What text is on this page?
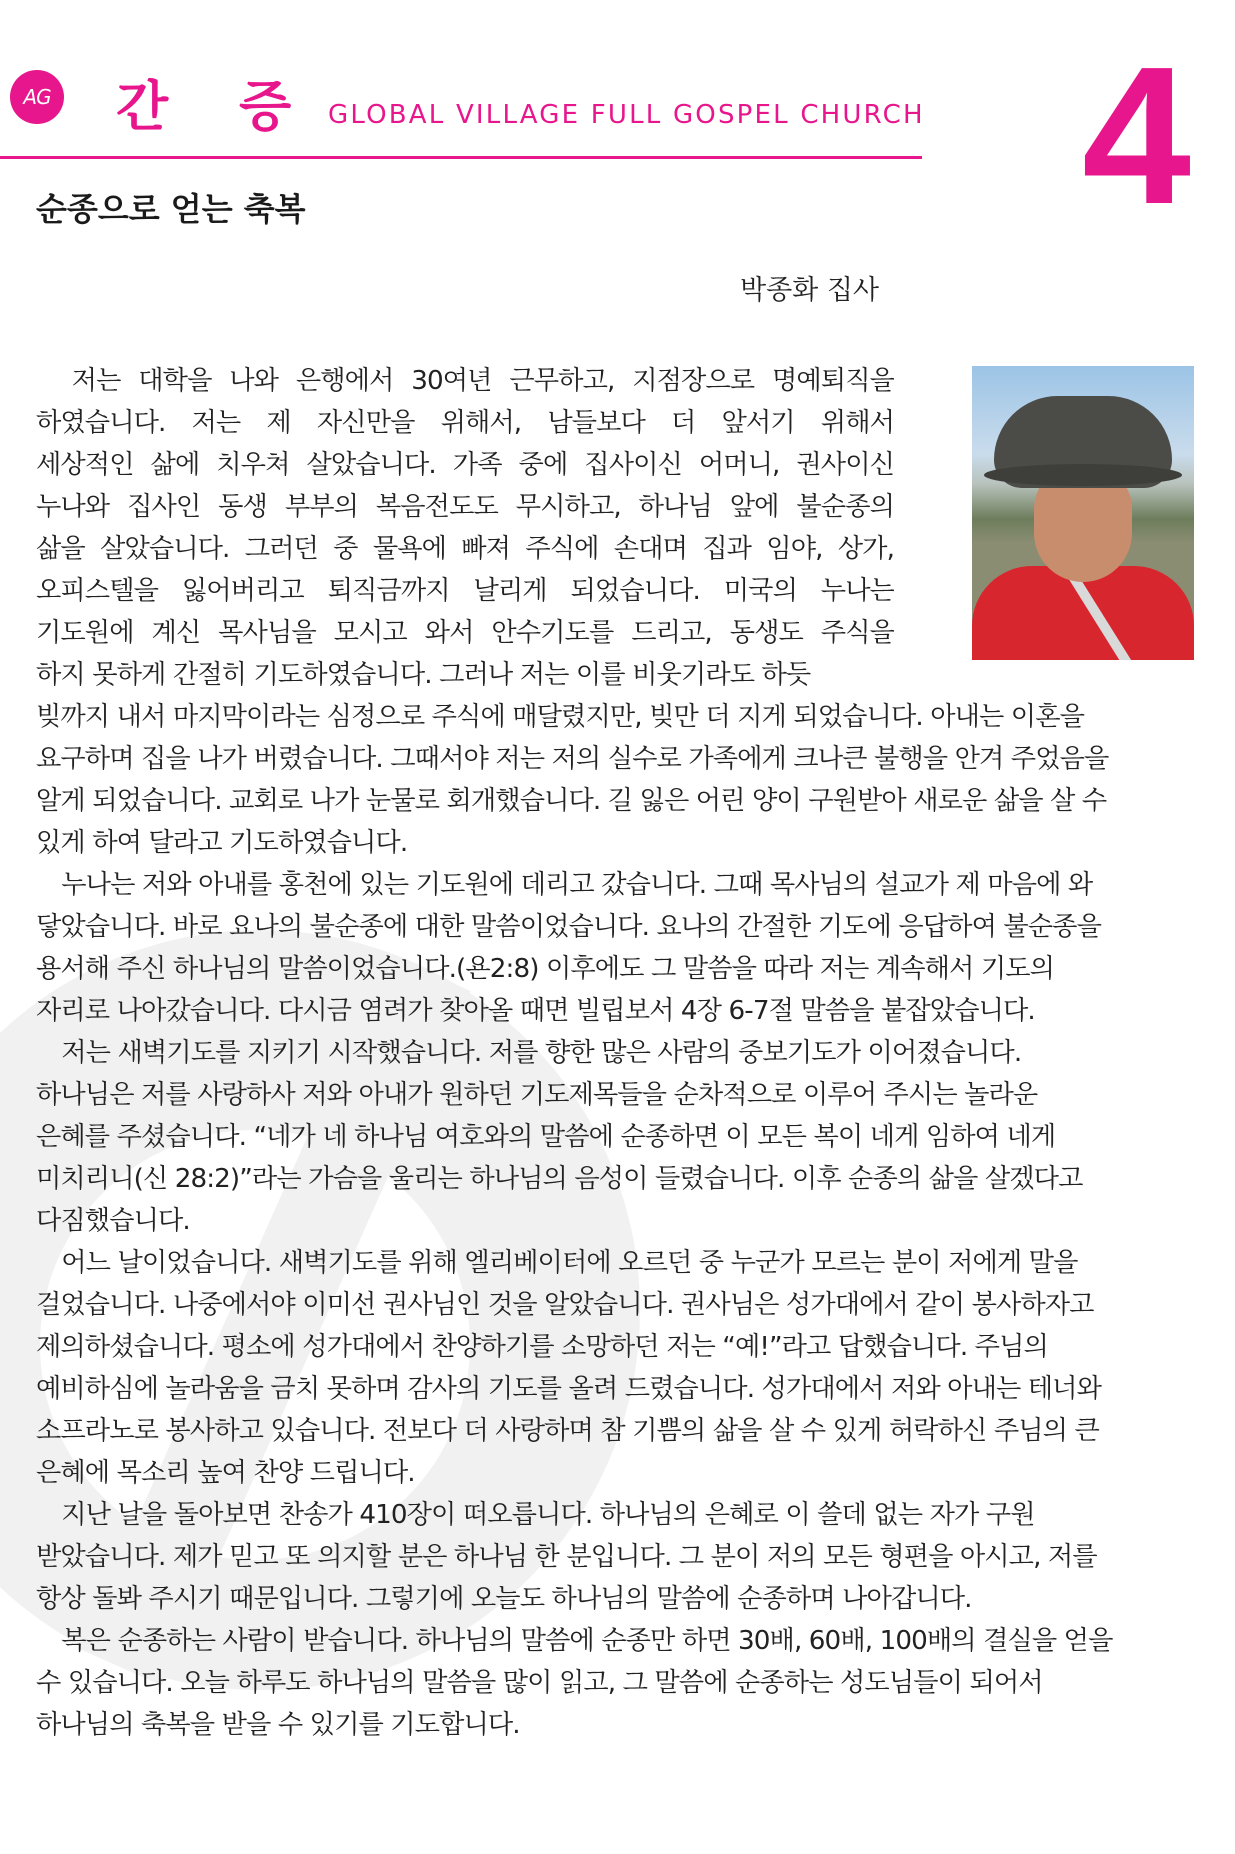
AG 간 증 GLOBAL VILLAGE FULL GOSPEL CHURCH 4
순종으로 얻는 축복
박종화 집사
　저는 대학을 나와 은행에서 30여년 근무하고, 지점장으로 명예퇴직을
하였습니다. 저는 제 자신만을 위해서, 남들보다 더 앞서기 위해서
세상적인 삶에 치우쳐 살았습니다. 가족 중에 집사이신 어머니, 권사이신
누나와 집사인 동생 부부의 복음전도도 무시하고, 하나님 앞에 불순종의
삶을 살았습니다. 그러던 중 물욕에 빠져 주식에 손대며 집과 임야, 상가,
오피스텔을 잃어버리고 퇴직금까지 날리게 되었습니다. 미국의 누나는
기도원에 계신 목사님을 모시고 와서 안수기도를 드리고, 동생도 주식을
하지 못하게 간절히 기도하였습니다. 그러나 저는 이를 비웃기라도 하듯
빚까지 내서 마지막이라는 심정으로 주식에 매달렸지만, 빚만 더 지게 되었습니다. 아내는 이혼을
요구하며 집을 나가 버렸습니다. 그때서야 저는 저의 실수로 가족에게 크나큰 불행을 안겨 주었음을
알게 되었습니다. 교회로 나가 눈물로 회개했습니다. 길 잃은 어린 양이 구원받아 새로운 삶을 살 수
있게 하여 달라고 기도하였습니다.
　누나는 저와 아내를 홍천에 있는 기도원에 데리고 갔습니다. 그때 목사님의 설교가 제 마음에 와
닿았습니다. 바로 요나의 불순종에 대한 말씀이었습니다. 요나의 간절한 기도에 응답하여 불순종을
용서해 주신 하나님의 말씀이었습니다.(욘2:8) 이후에도 그 말씀을 따라 저는 계속해서 기도의
자리로 나아갔습니다. 다시금 염려가 찾아올 때면 빌립보서 4장 6-7절 말씀을 붙잡았습니다.
　저는 새벽기도를 지키기 시작했습니다. 저를 향한 많은 사람의 중보기도가 이어졌습니다.
하나님은 저를 사랑하사 저와 아내가 원하던 기도제목들을 순차적으로 이루어 주시는 놀라운
은혜를 주셨습니다. “네가 네 하나님 여호와의 말씀에 순종하면 이 모든 복이 네게 임하여 네게
미치리니(신 28:2)”라는 가슴을 울리는 하나님의 음성이 들렸습니다. 이후 순종의 삶을 살겠다고
다짐했습니다.
　어느 날이었습니다. 새벽기도를 위해 엘리베이터에 오르던 중 누군가 모르는 분이 저에게 말을
걸었습니다. 나중에서야 이미선 권사님인 것을 알았습니다. 권사님은 성가대에서 같이 봉사하자고
제의하셨습니다. 평소에 성가대에서 찬양하기를 소망하던 저는 “예!”라고 답했습니다. 주님의
예비하심에 놀라움을 금치 못하며 감사의 기도를 올려 드렸습니다. 성가대에서 저와 아내는 테너와
소프라노로 봉사하고 있습니다. 전보다 더 사랑하며 참 기쁨의 삶을 살 수 있게 허락하신 주님의 큰
은혜에 목소리 높여 찬양 드립니다.
　지난 날을 돌아보면 찬송가 410장이 떠오릅니다. 하나님의 은혜로 이 쓸데 없는 자가 구원
받았습니다. 제가 믿고 또 의지할 분은 하나님 한 분입니다. 그 분이 저의 모든 형편을 아시고, 저를
항상 돌봐 주시기 때문입니다. 그렇기에 오늘도 하나님의 말씀에 순종하며 나아갑니다.
　복은 순종하는 사람이 받습니다. 하나님의 말씀에 순종만 하면 30배, 60배, 100배의 결실을 얻을
수 있습니다. 오늘 하루도 하나님의 말씀을 많이 읽고, 그 말씀에 순종하는 성도님들이 되어서
하나님의 축복을 받을 수 있기를 기도합니다.
